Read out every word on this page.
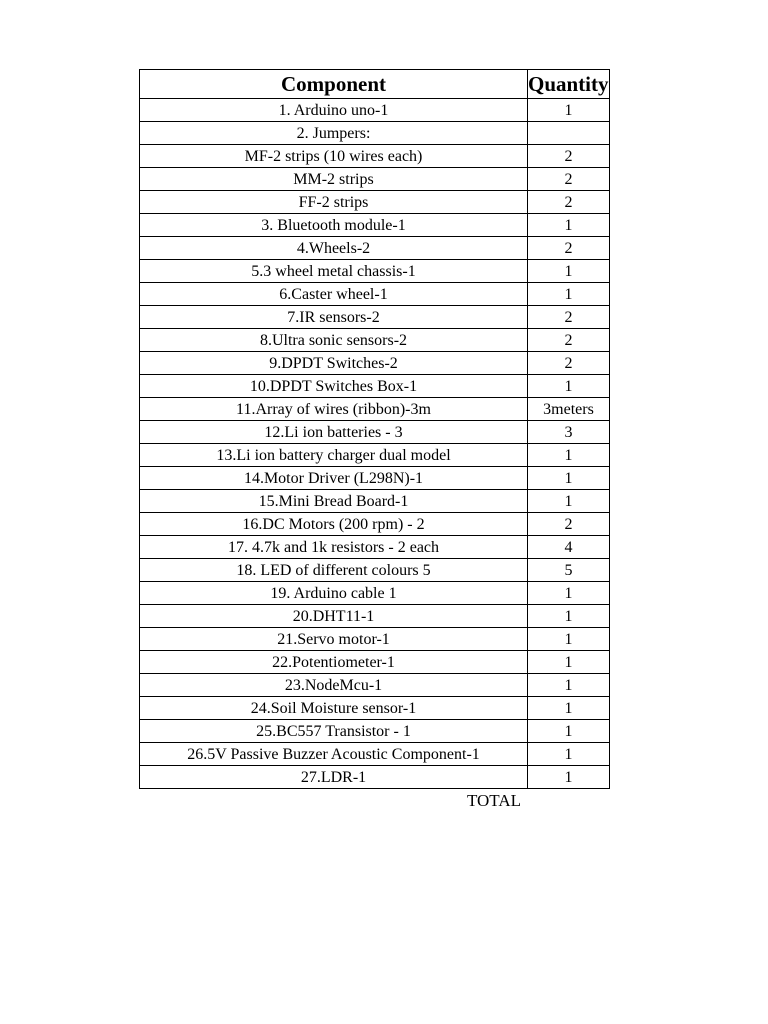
Component	Quantity
1. Arduino uno-1	1
2. Jumpers:	
MF-2 strips (10 wires each)	2
MM-2 strips	2
FF-2 strips	2
3. Bluetooth module-1	1
4.Wheels-2	2
5.3 wheel metal chassis-1	1
6.Caster wheel-1	1
7.IR sensors-2	2
8.Ultra sonic sensors-2	2
9.DPDT Switches-2	2
10.DPDT Switches Box-1	1
11.Array of wires (ribbon)-3m	3meters
12.Li ion batteries - 3	3
13.Li ion battery charger dual model	1
14.Motor Driver (L298N)-1	1
15.Mini Bread Board-1	1
16.DC Motors (200 rpm) - 2	2
17. 4.7k and 1k resistors - 2 each	4
18. LED of different colours 5	5
19. Arduino cable 1	1
20.DHT11-1	1
21.Servo motor-1	1
22.Potentiometer-1	1
23.NodeMcu-1	1
24.Soil Moisture sensor-1	1
25.BC557 Transistor - 1	1
26.5V Passive Buzzer Acoustic Component-1	1
27.LDR-1	1
TOTAL
